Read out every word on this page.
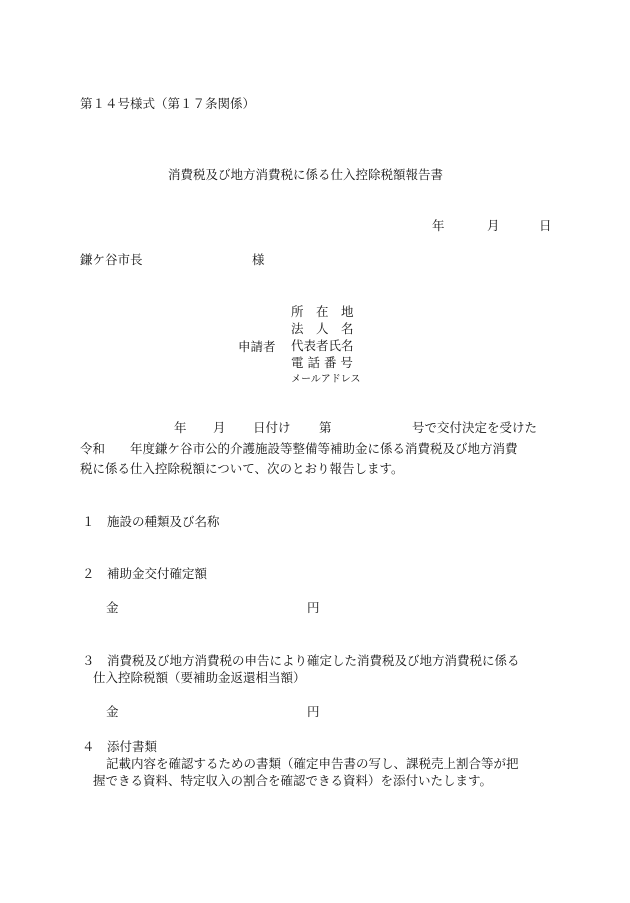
第１４号様式（第１７条関係）
消費税及び地方消費税に係る仕入控除税額報告書
年	月	日
鎌ケ谷市長	様
申請者
所　在　地
法　人　名
代表者氏名
電 話 番 号
メールアドレス
年 月 日付け 第	号で交付決定を受けた
令和　　年度鎌ケ谷市公的介護施設等整備等補助金に係る消費税及び地方消費
税に係る仕入控除税額について、次のとおり報告します。
１　施設の種類及び名称
２　補助金交付確定額
金	円
３　消費税及び地方消費税の申告により確定した消費税及び地方消費税に係る
仕入控除税額（要補助金返還相当額）
金	円
４　添付書類
記載内容を確認するための書類（確定申告書の写し、課税売上割合等が把
握できる資料、特定収入の割合を確認できる資料）を添付いたします。
